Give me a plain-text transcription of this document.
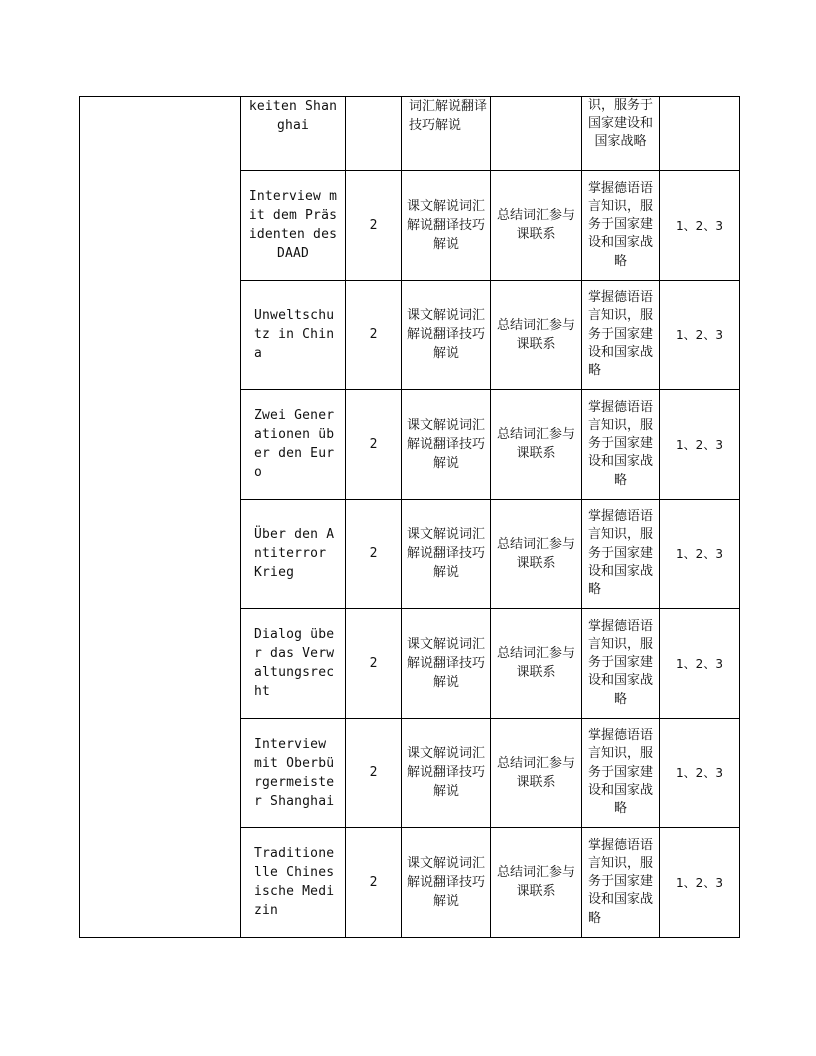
	keiten Shanghai		词汇解说翻译技巧解说		识，服务于国家建设和国家战略	

	Interview mit dem Präsidenten des DAAD	2	课文解说词汇解说翻译技巧解说	总结词汇参与课联系	掌握德语语言知识，服务于国家建设和国家战略	1、2、3

	Unweltschutz in China	2	课文解说词汇解说翻译技巧解说	总结词汇参与课联系	掌握德语语言知识，服务于国家建设和国家战略	1、2、3

	Zwei Generationen über den Euro	2	课文解说词汇解说翻译技巧解说	总结词汇参与课联系	掌握德语语言知识，服务于国家建设和国家战略	1、2、3

	Über den Antiterror Krieg	2	课文解说词汇解说翻译技巧解说	总结词汇参与课联系	掌握德语语言知识，服务于国家建设和国家战略	1、2、3

	Dialog über das Verwaltungsrecht	2	课文解说词汇解说翻译技巧解说	总结词汇参与课联系	掌握德语语言知识，服务于国家建设和国家战略	1、2、3

	Interview mit Oberbürgermeister Shanghai	2	课文解说词汇解说翻译技巧解说	总结词汇参与课联系	掌握德语语言知识，服务于国家建设和国家战略	1、2、3

	Traditionelle Chinesische Medizin	2	课文解说词汇解说翻译技巧解说	总结词汇参与课联系	掌握德语语言知识，服务于国家建设和国家战略	1、2、3
